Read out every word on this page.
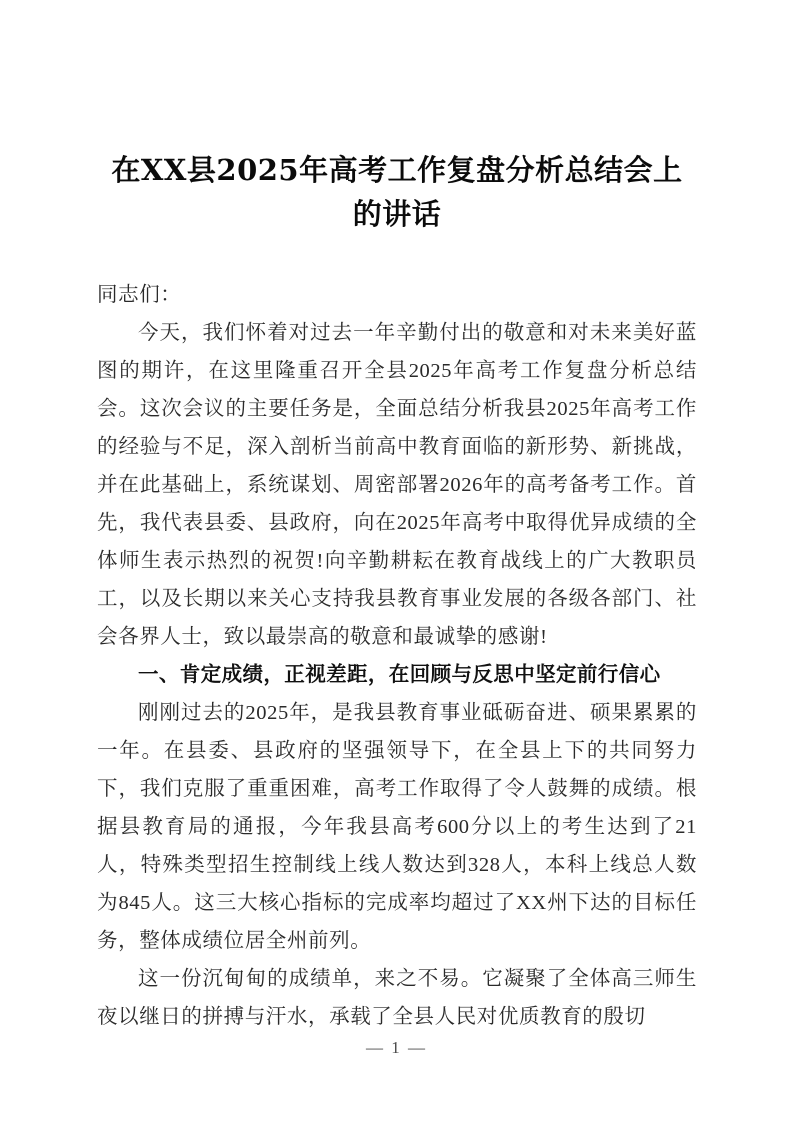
在XX县2025年高考工作复盘分析总结会上的讲话

同志们：

今天，我们怀着对过去一年辛勤付出的敬意和对未来美好蓝图的期许，在这里隆重召开全县2025年高考工作复盘分析总结会。这次会议的主要任务是，全面总结分析我县2025年高考工作的经验与不足，深入剖析当前高中教育面临的新形势、新挑战，并在此基础上，系统谋划、周密部署2026年的高考备考工作。首先，我代表县委、县政府，向在2025年高考中取得优异成绩的全体师生表示热烈的祝贺!向辛勤耕耘在教育战线上的广大教职员工，以及长期以来关心支持我县教育事业发展的各级各部门、社会各界人士，致以最崇高的敬意和最诚挚的感谢!

一、肯定成绩，正视差距，在回顾与反思中坚定前行信心

刚刚过去的2025年，是我县教育事业砥砺奋进、硕果累累的一年。在县委、县政府的坚强领导下，在全县上下的共同努力下，我们克服了重重困难，高考工作取得了令人鼓舞的成绩。根据县教育局的通报，今年我县高考600分以上的考生达到了21人，特殊类型招生控制线上线人数达到328人，本科上线总人数为845人。这三大核心指标的完成率均超过了XX州下达的目标任务，整体成绩位居全州前列。

这一份沉甸甸的成绩单，来之不易。它凝聚了全体高三师生夜以继日的拼搏与汗水，承载了全县人民对优质教育的殷切

— 1 —
